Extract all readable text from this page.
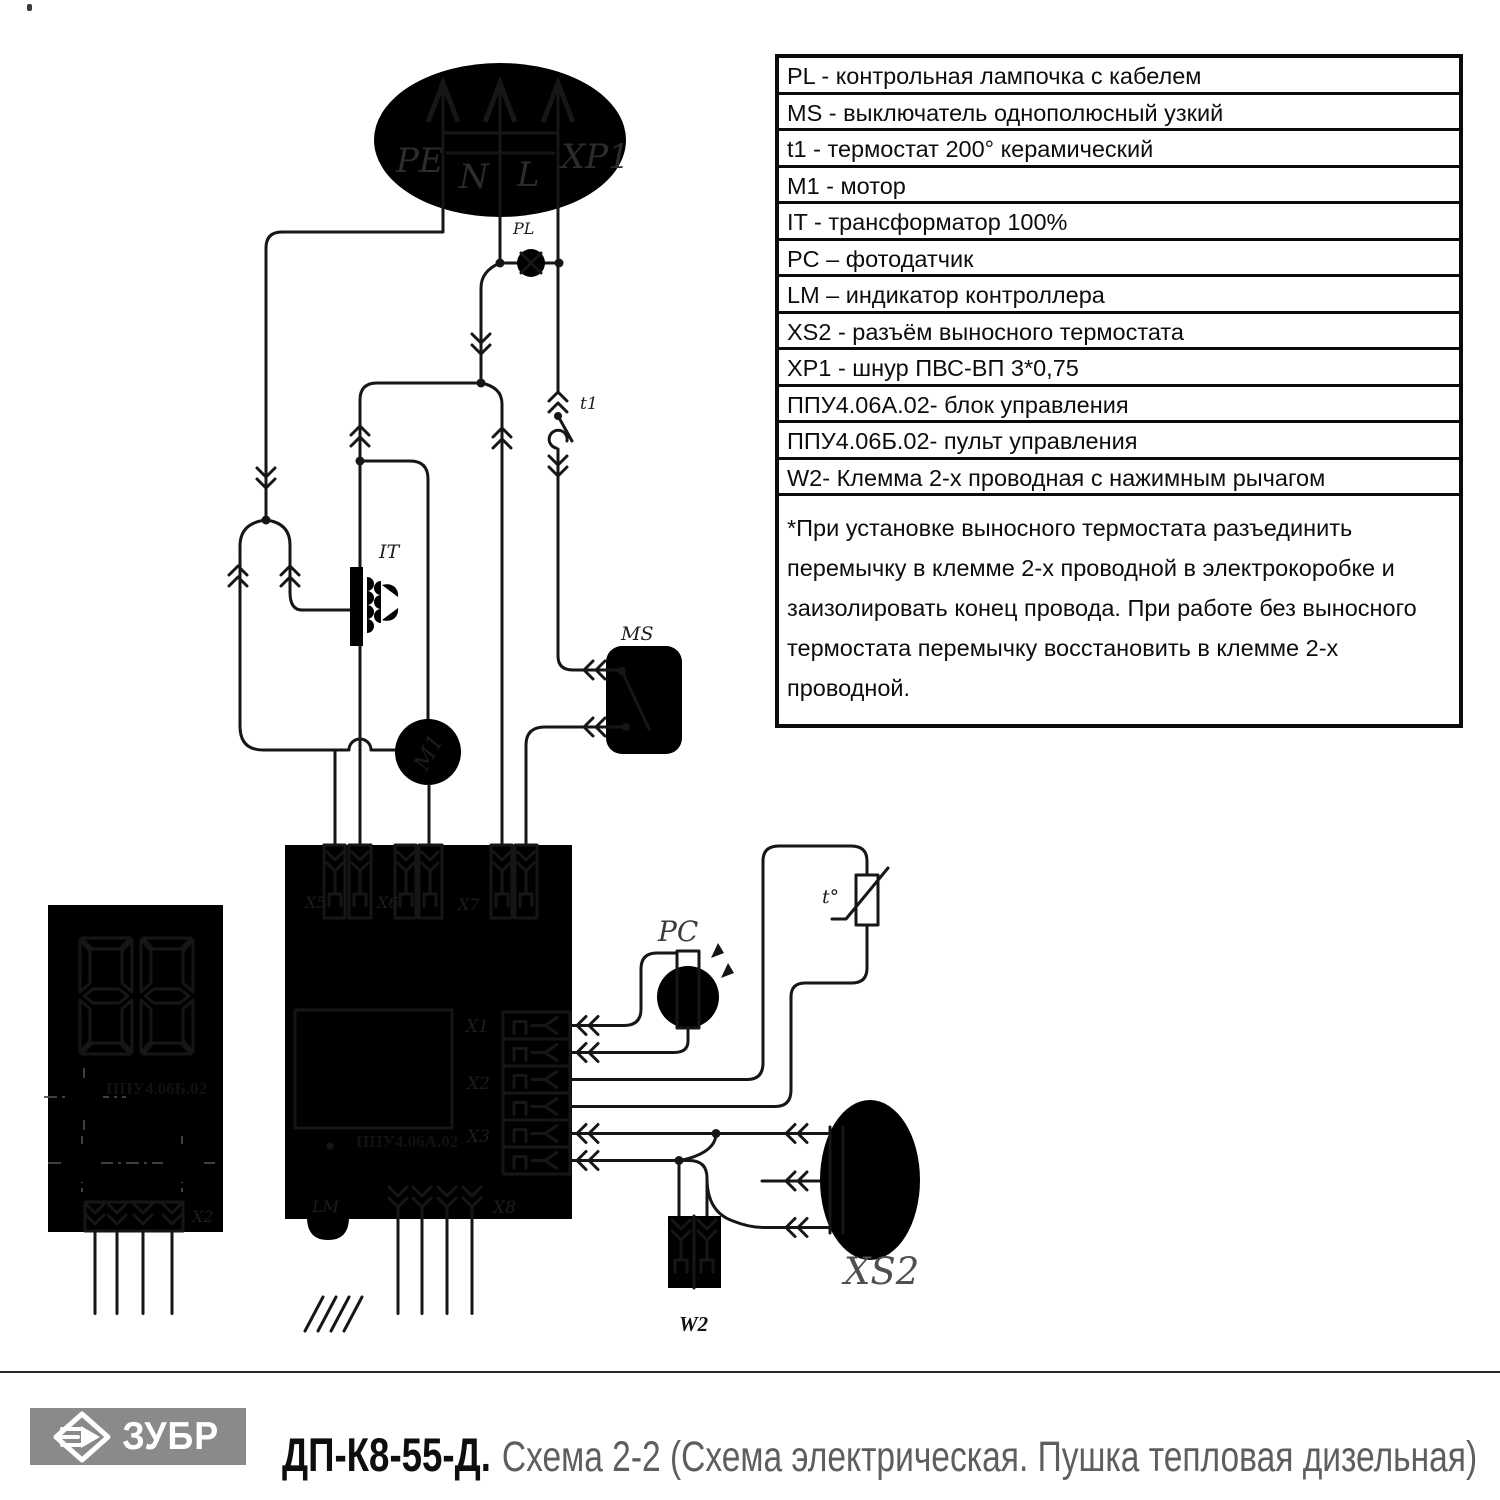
PE N L XP1
PL
t1
IT
M1
MS
X5	X6	X7
ППУ4.06А.02
X1
X2
X3
LM	X8
ППУ4.06Б.02
X2
PC
t°
XS2
W2
PL - контрольная лампочка с кабелем
MS - выключатель однополюсный узкий
t1 - термостат 200° керамический
M1 - мотор
IT - трансформатор 100%
PC – фотодатчик
LM – индикатор контроллера
XS2 - разъём выносного термостата
XP1 - шнур ПВС-ВП 3*0,75
ППУ4.06А.02- блок управления
ППУ4.06Б.02- пульт управления
W2- Клемма 2-х проводная с нажимным рычагом
*При установке выносного термостата разъединить перемычку в клемме 2-х проводной в электрокоробке и заизолировать конец провода. При работе без выносного термостата перемычку восстановить в клемме 2-х проводной.
ЗУБР ДП-К8-55-Д. Схема 2-2 (Схема электрическая. Пушка тепловая дизельная)
